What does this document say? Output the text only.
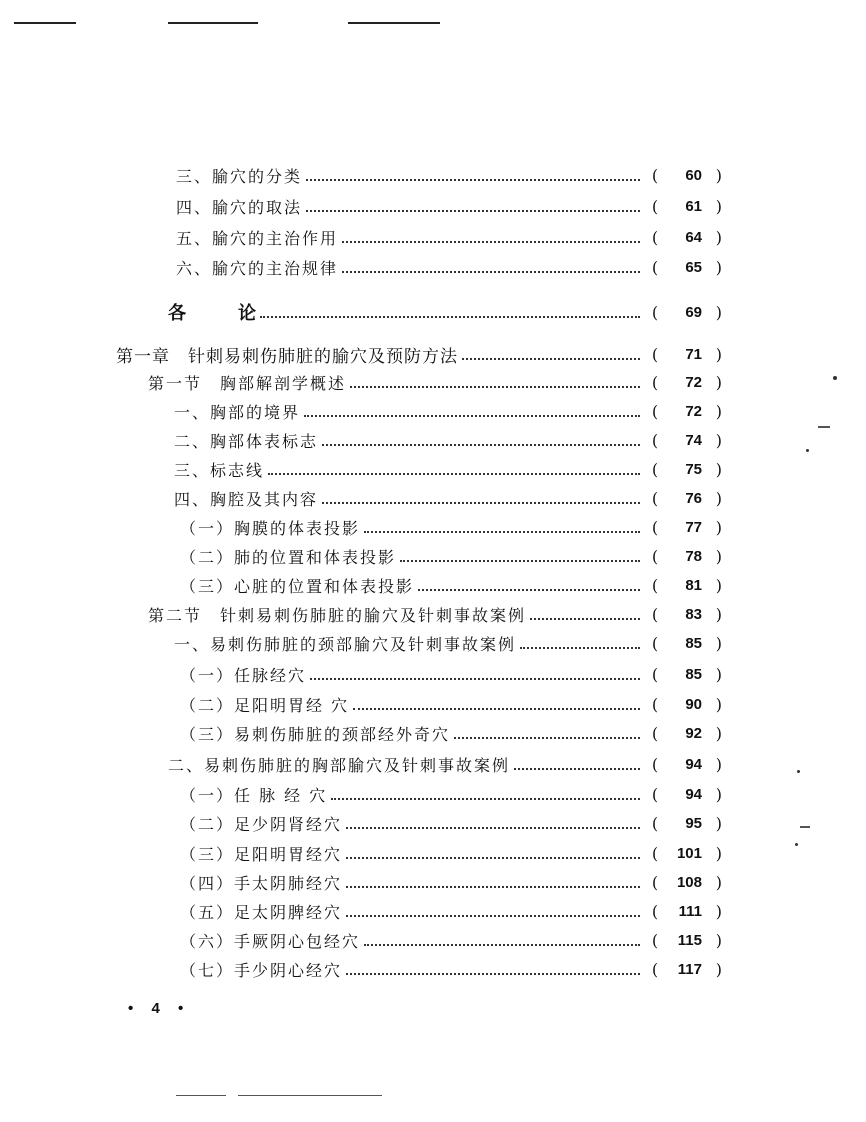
三、腧穴的分类	(	60 )
四、腧穴的取法	(	61 )
五、腧穴的主治作用	(	64 )
六、腧穴的主治规律	(	65 )
各	论	(	69 )
第一章　针刺易刺伤肺脏的腧穴及预防方法	(	71 )
第一节　胸部解剖学概述	(	72 )
一、胸部的境界	(	72 )
二、胸部体表标志	(	74 )
三、标志线	(	75 )
四、胸腔及其内容	(	76 )
（一）胸膜的体表投影	(	77 )
（二）肺的位置和体表投影	(	78 )
（三）心脏的位置和体表投影	(	81 )
第二节　针刺易刺伤肺脏的腧穴及针刺事故案例	(	83 )
一、易刺伤肺脏的颈部腧穴及针刺事故案例	(	85 )
（一）任脉经穴	(	85 )
（二）足阳明胃经 穴	(	90 )
（三）易刺伤肺脏的颈部经外奇穴	(	92 )
二、易刺伤肺脏的胸部腧穴及针刺事故案例	(	94 )
（一）任 脉 经 穴	(	94 )
（二）足少阴肾经穴	(	95 )
（三）足阳明胃经穴	(	101 )
（四）手太阴肺经穴	(	108 )
（五）足太阴脾经穴	(	111 )
（六）手厥阴心包经穴	(	115 )
（七）手少阴心经穴	(	117 )
• 4 •
